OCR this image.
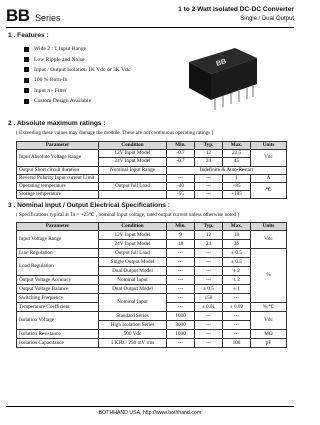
BB Series
1 to 2 Watt Isolated DC-DC Converter
Single / Dual Output
1 . Features :
Wide 2 : 1 Input Range
Low Ripple and Noise
Input / Output Isolation 1K Vdc or 3K Vdc
100 % Burn-In
Input π - Filter
Custom Design Available
BB
2 . Absolute maximum ratings :
( Exceeding these values may damage the module. These are not continuous operating ratings )
Parameter	Condition	Min.	Typ.	Max.	Units
Input Absolute Voltage Range	12V Input Model	-0.7	12	22.5	Vdc
	24V Input Model	-0.7	24	45	
Output Short circuit duration	Nominal Input Range	Indefinite & Auto-Restart			
Reverse Polarity Input current Limit		---	---	1	A
Operating temperature	Output full Load	-40	---	+85	℃
Storage temperature		-55	---	+105	
3 . Nominal Input / Output Electrical Specifications :
( Specifications typical at Ta = +25℃ , nominal input voltage, rated output current unless otherwise noted )
Parameter	Condition	Min.	Typ.	Max.	Units	
Input Voltage Range	12V Input Model	9	12	18	Vdc	
	24V Input Model	18	24	36		
Line Regulation	Output full Load	---	---	± 0.5	%	
Load Regulation	Single Output Model	---	---	± 0.5		
	Dual Output Model	---	---	± 2		
Output Voltage Accuracy	Nominal Input	---	---	± 2		
Output Voltage Balance	Dual Output Model	---	± 0.5	± 1		
Switching Frequency	Nominal Input	---	150	---	
Temperature Coefficient		---	± 0.01	± 0.02	%/℃	
Isolation Voltage	Standard Series	1000	---	---	Vdc	
	High Isolation Series	3000	---	---		
Isolation Resistance	500 Vdc	1000	---	---	MΩ	
Isolation Capacitance	1 KHz / 250 mV rms	---	---	100	pF	
BOTHHAND USA, http://www.bothhand.com
